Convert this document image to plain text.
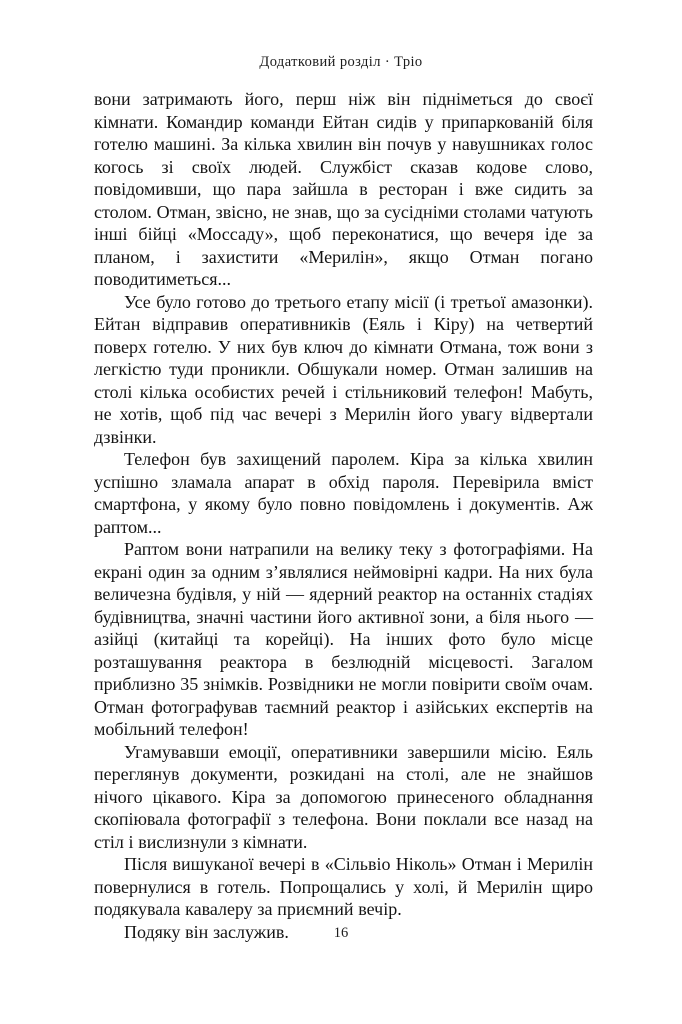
Додатковий розділ · Тріо

вони затримають його, перш ніж він підніметься до своєї кімнати. Командир команди Ейтан сидів у припаркованій біля готелю машині. За кілька хвилин він почув у навушниках голос когось зі своїх людей. Службіст сказав кодове слово, повідомивши, що пара зайшла в ресторан і вже сидить за столом. Отман, звісно, не знав, що за сусідніми столами чатують інші бійці «Моссаду», щоб переконатися, що вечеря іде за планом, і захистити «Мерилін», якщо Отман погано поводитиметься...

Усе було готово до третього етапу місії (і третьої амазонки). Ейтан відправив оперативників (Еяль і Кіру) на четвертий поверх готелю. У них був ключ до кімнати Отмана, тож вони з легкістю туди проникли. Обшукали номер. Отман залишив на столі кілька особистих речей і стільниковий телефон! Мабуть, не хотів, щоб під час вечері з Мерилін його увагу відвертали дзвінки.

Телефон був захищений паролем. Кіра за кілька хвилин успішно зламала апарат в обхід пароля. Перевірила вміст смартфона, у якому було повно повідомлень і документів. Аж раптом...

Раптом вони натрапили на велику теку з фотографіями. На екрані один за одним з’являлися неймовірні кадри. На них була величезна будівля, у ній — ядерний реактор на останніх стадіях будівництва, значні частини його активної зони, а біля нього — азійці (китайці та корейці). На інших фото було місце розташування реактора в безлюдній місцевості. Загалом приблизно 35 знімків. Розвідники не могли повірити своїм очам. Отман фотографував таємний реактор і азійських експертів на мобільний телефон!

Угамувавши емоції, оперативники завершили місію. Еяль переглянув документи, розкидані на столі, але не знайшов нічого цікавого. Кіра за допомогою принесеного обладнання скопіювала фотографії з телефона. Вони поклали все назад на стіл і вислизнули з кімнати.

Після вишуканої вечері в «Сільвіо Ніколь» Отман і Мерилін повернулися в готель. Попрощались у холі, й Мерилін щиро подякувала кавалеру за приємний вечір.

Подяку він заслужив.	16
